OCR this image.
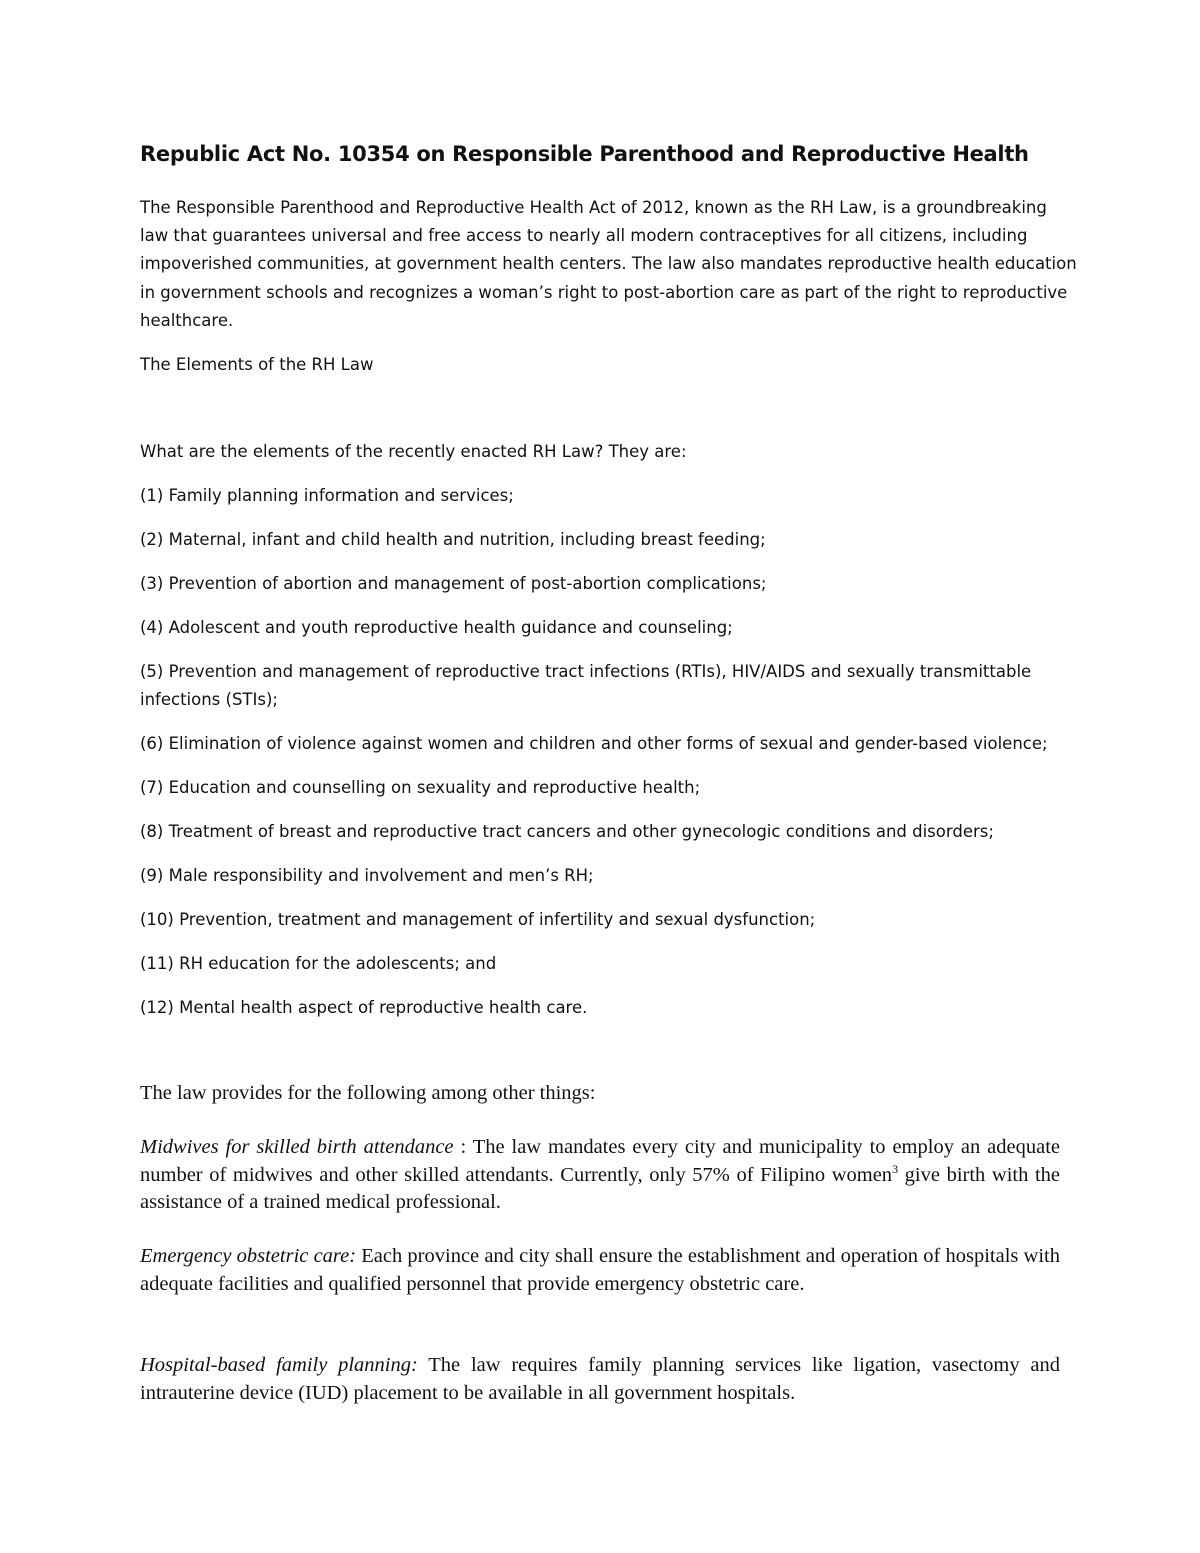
Republic Act No. 10354 on Responsible Parenthood and Reproductive Health

The Responsible Parenthood and Reproductive Health Act of 2012, known as the RH Law, is a groundbreaking law that guarantees universal and free access to nearly all modern contraceptives for all citizens, including impoverished communities, at government health centers. The law also mandates reproductive health education in government schools and recognizes a woman’s right to post-abortion care as part of the right to reproductive healthcare.

The Elements of the RH Law

What are the elements of the recently enacted RH Law? They are:

(1) Family planning information and services;
(2) Maternal, infant and child health and nutrition, including breast feeding;
(3) Prevention of abortion and management of post-abortion complications;
(4) Adolescent and youth reproductive health guidance and counseling;
(5) Prevention and management of reproductive tract infections (RTIs), HIV/AIDS and sexually transmittable infections (STIs);
(6) Elimination of violence against women and children and other forms of sexual and gender-based violence;
(7) Education and counselling on sexuality and reproductive health;
(8) Treatment of breast and reproductive tract cancers and other gynecologic conditions and disorders;
(9) Male responsibility and involvement and men’s RH;
(10) Prevention, treatment and management of infertility and sexual dysfunction;
(11) RH education for the adolescents; and
(12) Mental health aspect of reproductive health care.

The law provides for the following among other things:

Midwives for skilled birth attendance : The law mandates every city and municipality to employ an adequate number of midwives and other skilled attendants. Currently, only 57% of Filipino women$^3$ give birth with the assistance of a trained medical professional.

Emergency obstetric care: Each province and city shall ensure the establishment and operation of hospitals with adequate facilities and qualified personnel that provide emergency obstetric care.

Hospital-based family planning: The law requires family planning services like ligation, vasectomy and intrauterine device (IUD) placement to be available in all government hospitals.
